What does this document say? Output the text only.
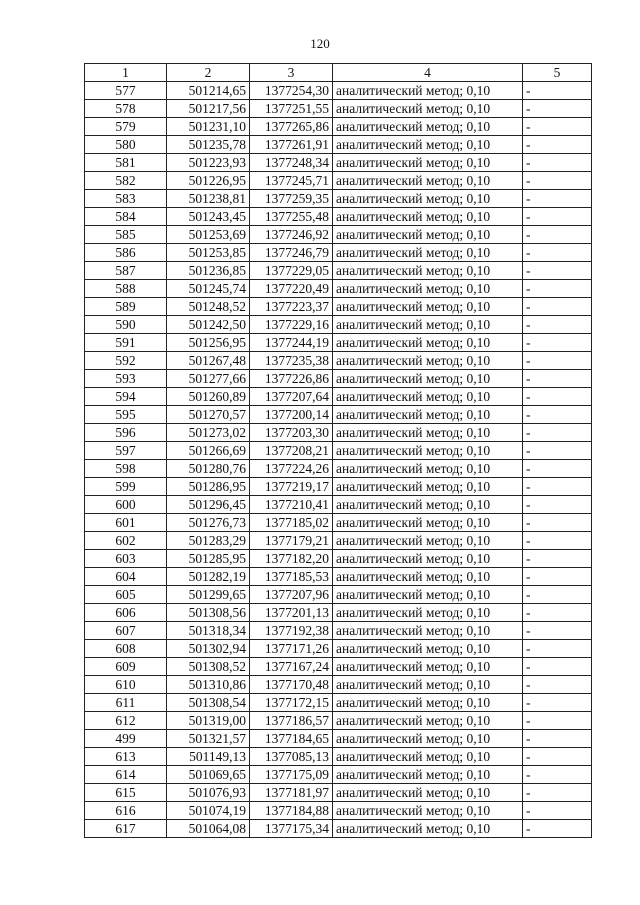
120
1	2	3	4	5
577	501214,65	1377254,30	аналитический метод; 0,10	-
578	501217,56	1377251,55	аналитический метод; 0,10	-
579	501231,10	1377265,86	аналитический метод; 0,10	-
580	501235,78	1377261,91	аналитический метод; 0,10	-
581	501223,93	1377248,34	аналитический метод; 0,10	-
582	501226,95	1377245,71	аналитический метод; 0,10	-
583	501238,81	1377259,35	аналитический метод; 0,10	-
584	501243,45	1377255,48	аналитический метод; 0,10	-
585	501253,69	1377246,92	аналитический метод; 0,10	-
586	501253,85	1377246,79	аналитический метод; 0,10	-
587	501236,85	1377229,05	аналитический метод; 0,10	-
588	501245,74	1377220,49	аналитический метод; 0,10	-
589	501248,52	1377223,37	аналитический метод; 0,10	-
590	501242,50	1377229,16	аналитический метод; 0,10	-
591	501256,95	1377244,19	аналитический метод; 0,10	-
592	501267,48	1377235,38	аналитический метод; 0,10	-
593	501277,66	1377226,86	аналитический метод; 0,10	-
594	501260,89	1377207,64	аналитический метод; 0,10	-
595	501270,57	1377200,14	аналитический метод; 0,10	-
596	501273,02	1377203,30	аналитический метод; 0,10	-
597	501266,69	1377208,21	аналитический метод; 0,10	-
598	501280,76	1377224,26	аналитический метод; 0,10	-
599	501286,95	1377219,17	аналитический метод; 0,10	-
600	501296,45	1377210,41	аналитический метод; 0,10	-
601	501276,73	1377185,02	аналитический метод; 0,10	-
602	501283,29	1377179,21	аналитический метод; 0,10	-
603	501285,95	1377182,20	аналитический метод; 0,10	-
604	501282,19	1377185,53	аналитический метод; 0,10	-
605	501299,65	1377207,96	аналитический метод; 0,10	-
606	501308,56	1377201,13	аналитический метод; 0,10	-
607	501318,34	1377192,38	аналитический метод; 0,10	-
608	501302,94	1377171,26	аналитический метод; 0,10	-
609	501308,52	1377167,24	аналитический метод; 0,10	-
610	501310,86	1377170,48	аналитический метод; 0,10	-
611	501308,54	1377172,15	аналитический метод; 0,10	-
612	501319,00	1377186,57	аналитический метод; 0,10	-
499	501321,57	1377184,65	аналитический метод; 0,10	-
613	501149,13	1377085,13	аналитический метод; 0,10	-
614	501069,65	1377175,09	аналитический метод; 0,10	-
615	501076,93	1377181,97	аналитический метод; 0,10	-
616	501074,19	1377184,88	аналитический метод; 0,10	-
617	501064,08	1377175,34	аналитический метод; 0,10	-
